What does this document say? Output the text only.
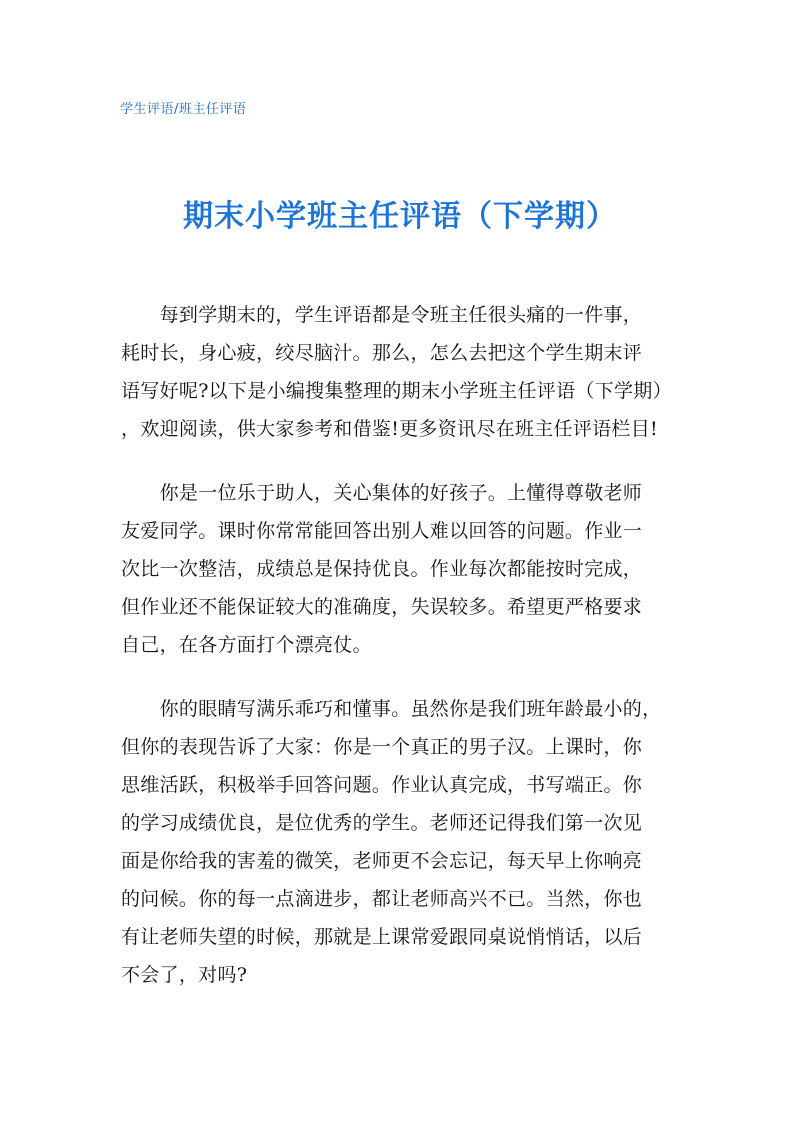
学生评语/班主任评语
期末小学班主任评语（下学期）
　　每到学期末的，学生评语都是令班主任很头痛的一件事，
耗时长，身心疲，绞尽脑汁。那么，怎么去把这个学生期末评
语写好呢?以下是小编搜集整理的期末小学班主任评语（下学期）
，欢迎阅读，供大家参考和借鉴!更多资讯尽在班主任评语栏目!
　　你是一位乐于助人，关心集体的好孩子。上懂得尊敬老师
友爱同学。课时你常常能回答出别人难以回答的问题。作业一
次比一次整洁，成绩总是保持优良。作业每次都能按时完成，
但作业还不能保证较大的准确度，失误较多。希望更严格要求
自己，在各方面打个漂亮仗。
　　你的眼睛写满乐乖巧和懂事。虽然你是我们班年龄最小的，
但你的表现告诉了大家：你是一个真正的男子汉。上课时，你
思维活跃，积极举手回答问题。作业认真完成，书写端正。你
的学习成绩优良，是位优秀的学生。老师还记得我们第一次见
面是你给我的害羞的微笑，老师更不会忘记，每天早上你响亮
的问候。你的每一点滴进步，都让老师高兴不已。当然，你也
有让老师失望的时候，那就是上课常爱跟同桌说悄悄话，以后
不会了，对吗?
